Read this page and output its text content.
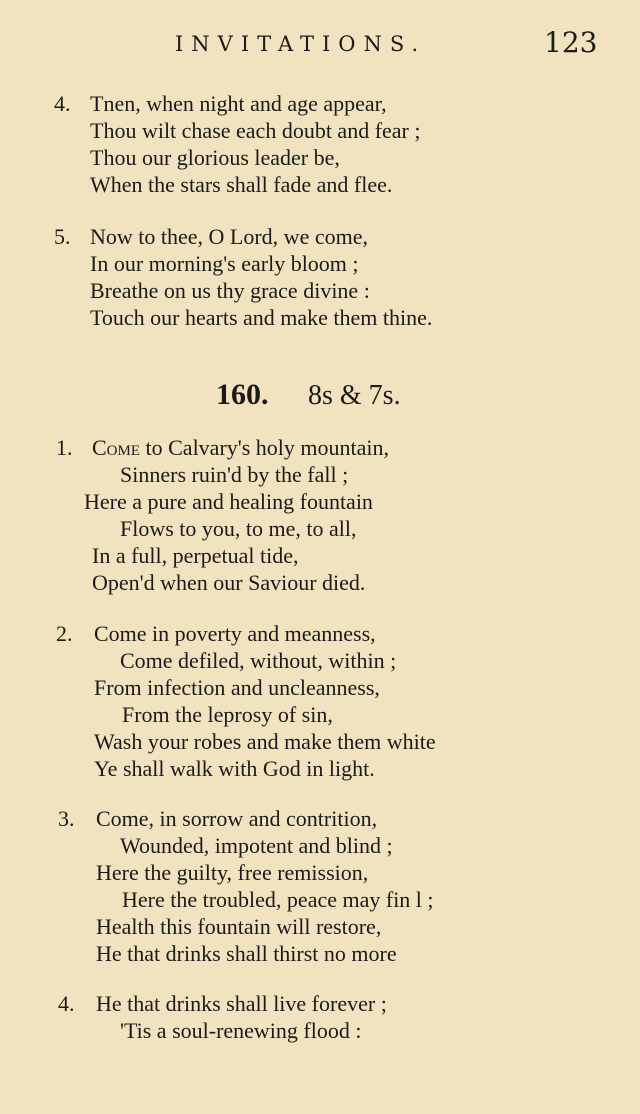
INVITATIONS.	123
4. Tnen, when night and age appear,
Thou wilt chase each doubt and fear ;
Thou our glorious leader be,
When the stars shall fade and flee.
5. Now to thee, O Lord, we come,
In our morning's early bloom ;
Breathe on us thy grace divine :
Touch our hearts and make them thine.
160. 8s & 7s.
1. Come to Calvary's holy mountain,
Sinners ruin'd by the fall ;
Here a pure and healing fountain
Flows to you, to me, to all,
In a full, perpetual tide,
Open'd when our Saviour died.
2. Come in poverty and meanness,
Come defiled, without, within ;
From infection and uncleanness,
From the leprosy of sin,
Wash your robes and make them white
Ye shall walk with God in light.
3. Come, in sorrow and contrition,
Wounded, impotent and blind ;
Here the guilty, free remission,
Here the troubled, peace may fin l ;
Health this fountain will restore,
He that drinks shall thirst no more
4. He that drinks shall live forever ;
'Tis a soul-renewing flood :
